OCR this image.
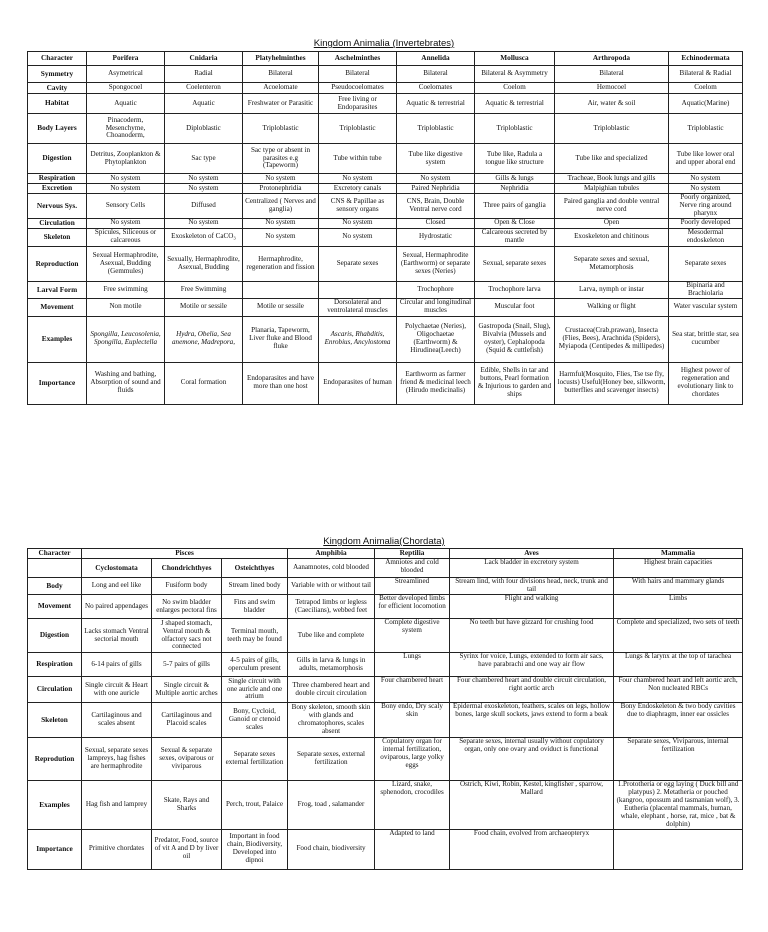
Kingdom Animalia (Invertebrates)
Character	Porifera	Cnidaria	Platyhelminthes	Aschelminthes	Annelida	Mollusca	Arthropoda	Echinodermata
Symmetry	Asymetrical	Radial	Bilateral	Bilateral	Bilateral	Bilateral & Asymmetry	Bilateral	Bilateral & Radial
Cavity	Spongocoel	Coelenteron	Acoelomate	Pseudocoelomates	Coelomates	Coelom	Hemocoel	Coelom
Habitat	Aquatic	Aquatic	Freshwater or Parasitic	Free living or Endoparasites	Aquatic & terrestrial	Aquatic & terrestrial	Air, water & soil	Aquatic(Marine)
Body Layers	Pinacoderm, Mesenchyme, Choanoderm,	Diploblastic	Triploblastic	Triploblastic	Triploblastic	Triploblastic	Triploblastic	Triploblastic
Digestion	Detritus, Zooplankton & Phytoplankton	Sac type	Sac type or absent in parasites e.g (Tapeworm)	Tube within tube	Tube like digestive system	Tube like, Radula a tongue like structure	Tube like and specialized	Tube like lower oral and upper aboral end
Respiration	No system	No system	No system	No system	No system	Gills & lungs	Tracheae, Book lungs and gills	No system
Excretion	No system	No system	Protonephridia	Excretory canals	Paired Nephridia	Nephridia	Malpighian tubules	No system
Nervous Sys.	Sensory Cells	Diffused	Centralized ( Nerves and ganglia)	CNS & Papillae as sensory organs	CNS, Brain, Double Ventral nerve cord	Three pairs of ganglia	Paired ganglia and double ventral nerve cord	Poorly organized, Nerve ring around pharynx
Circulation	No system	No system	No system	No system	Closed	Open & Close	Open	Poorly developed
Skeleton	Spicules, Siliceous or calcareous	Exoskeleton of CaCO₃	No system	No system	Hydrostatic	Calcareous secreted by mantle	Exoskeleton and chitinous	Mesodermal endoskeleton
Reproduction	Sexual Hermaphrodite, Asexual, Budding (Gemmules)	Sexually, Hermaphrodite, Asexual, Budding	Hermaphrodite, regeneration and fission	Separate sexes	Sexual, Hermaphrodite (Earthworm) or separate sexes (Neries)	Sexual, separate sexes	Separate sexes and sexual, Metamorphosis	Separate sexes
Larval Form	Free swimming	Free Swimming			Trochophore	Trochophore larva	Larva, nymph or instar	Bipinaria and Brachiolaria
Movement	Non motile	Motile or sessile	Motile or sessile	Dorsolateral and ventrolateral muscles	Circular and longitudinal muscles	Muscular foot	Walking or flight	Water vascular system
Examples	Spongilla, Leucosolenia, Spongilla, Euplectella	Hydra, Obelia, Sea anemone, Madrepora,	Planaria, Tapeworm, Liver fluke and Blood fluke	Ascaris, Rhabditis, Enrobius, Ancylostoma	Polychaetae (Neries), Oligochaetae (Earthworm) & Hirudinea(Leech)	Gastropoda (Snail, Slug), Bivalvia (Mussels and oyster), Cephalopoda (Squid & cuttlefish)	Crustacea(Crab,prawan), Insecta (Flies, Bees), Arachnida (Spiders), Myiapoda (Centipedes & millipedes)	Sea star, brittle star, sea cucumber
Importance	Washing and bathing, Absorption of sound and fluids	Coral formation	Endoparasites and have more than one host	Endoparasites of human	Earthworm as farmer friend & medicinal leech (Hirudo medicinalis)	Edible, Shells in tar and buttons, Pearl formation & Injurious to garden and ships	Harmful(Mosquito, Flies, Tse tse fly, locusts) Useful(Honey bee, silkworm, butterflies and scavenger insects)	Highest power of regeneration and evolutionary link to chordates
Kingdom Animalia(Chordata)
Character	Pisces			Amphibia	Reptilia	Aves	Mammalia
	Cyclostomata	Chondrichthyes	Osteichthyes	Aanamnotes, cold blooded	Amniotes and cold blooded	Lack bladder in excretory system	Highest brain capacities
Body	Long and eel like	Fusiform body	Stream lined body	Variable with or without tail	Streamlined	Stream lind, with four divisions head, neck, trunk and tail	With hairs and mammary glands
Movement	No paired appendages	No swim bladder enlarges pectoral fins	Fins and swim bladder	Tetrapod limbs or legless (Caecilians), webbed feet	Better developed limbs for efficient locomotion	Flight and walking	Limbs
Digestion	Lacks stomach Ventral sectorial mouth	J shaped stomach, Ventral mouth & olfactory sacs not connected	Terminal mouth, teeth may be found	Tube like and complete	Complete digestive system	No teeth but have gizzard for crushing food	Complete and specialized, two sets of teeth
Respiration	6-14 pairs of gills	5-7 pairs of gills	4-5 pairs of gills, operculum present	Gills in larva & lungs in adults, metamorphosis	Lungs	Syrinx for voice, Lungs, extended to form air sacs, have parabrachi and one way air flow	Lungs & larynx at the top of tarachea
Circulation	Single circuit & Heart with one auricle	Single circuit & Multiple aortic arches	Single circuit with one auricle and one atrium	Three chambered heart and double circuit circulation	Four chambered heart	Four chambered heart and double circuit circulation, right aortic arch	Four chambered heart and left aortic arch, Non nucleated RBCs
Skeleton	Cartilaginous and scales absent	Cartilaginous and Placoid scales	Bony, Cycloid, Ganoid or ctenoid scales	Bony skeleton, smooth skin with glands and chromatophores, scales absent	Bony endo, Dry scaly skin	Epidermal exoskeleton, feathers, scales on legs, hollow bones, large skull sockets, jaws extend to form a beak	Bony Endoskeleton & two body cavities due to diaphragm, inner ear ossicles
Reprodution	Sexual, separate sexes lampreys, hag fishes are hermaphrodite	Sexual & separate sexes, oviparous or viviparous	Separate sexes external fertilization	Separate sexes, external fertilization	Copulatory organ for internal fertilization, oviparous, large yolky eggs	Separate sexes, internal usually without copulatory organ, only one ovary and oviduct is functional	Separate sexes, Viviparous, internal fertilization
Examples	Hag fish and lamprey	Skate, Rays and Sharks	Perch, trout, Palaice	Frog, toad , salamander	Lizard, snake, sphenodon, crocodiles	Ostrich, Kiwi, Robin, Kestel, kingfisher , sparrow, Mallard	1.Prototheria or egg laying ( Duck bill and platypus) 2. Metatheria or pouched (kangroo, opossum and tasmanian wolf), 3. Eutheria (placental mammals, human, whale, elephant , horse, rat, mice , bat & dolphin)
Importance	Primitive chordates	Predator, Food, source of vit A and D by liver oil	Important in food chain, Biodiversity, Developed into dipnoi	Food chain, biodiversity	Adapted to land	Food chain, evolved from archaeopteryx	
